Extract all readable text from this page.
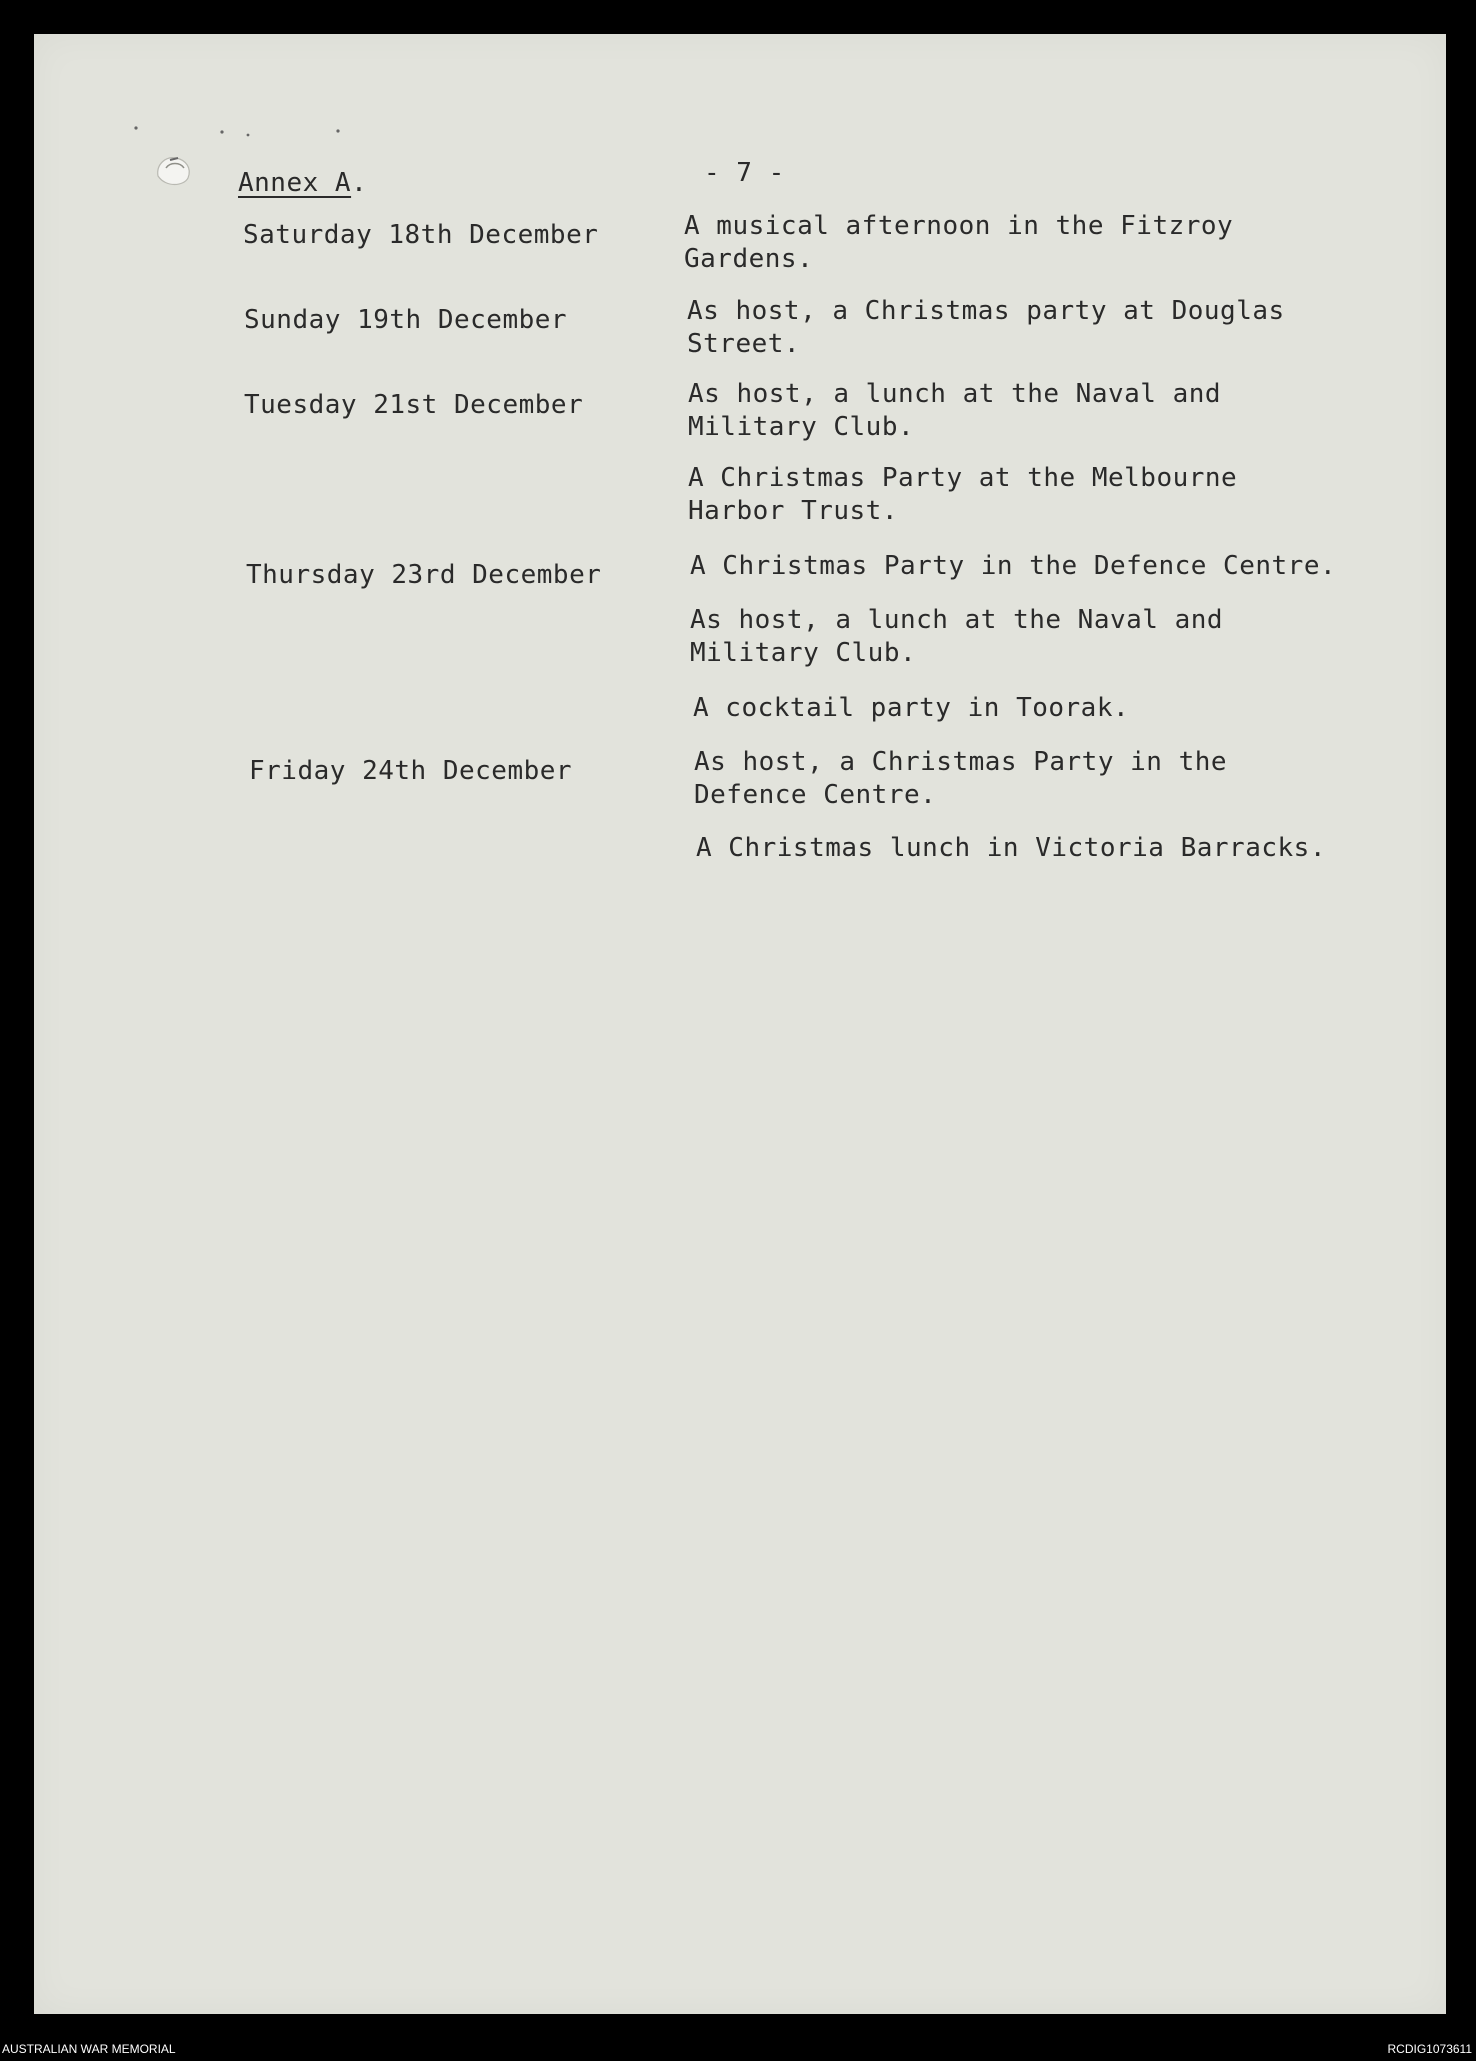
Annex A.	- 7 -
Saturday 18th December	A musical afternoon in the Fitzroy
Gardens.
Sunday 19th December	As host, a Christmas party at Douglas
Street.
Tuesday 21st December	As host, a lunch at the Naval and
Military Club.
A Christmas Party at the Melbourne
Harbor Trust.
Thursday 23rd December	A Christmas Party in the Defence Centre.
As host, a lunch at the Naval and
Military Club.
A cocktail party in Toorak.
Friday 24th December	As host, a Christmas Party in the
Defence Centre.
A Christmas lunch in Victoria Barracks.
AUSTRALIAN WAR MEMORIAL	RCDIG1073611
